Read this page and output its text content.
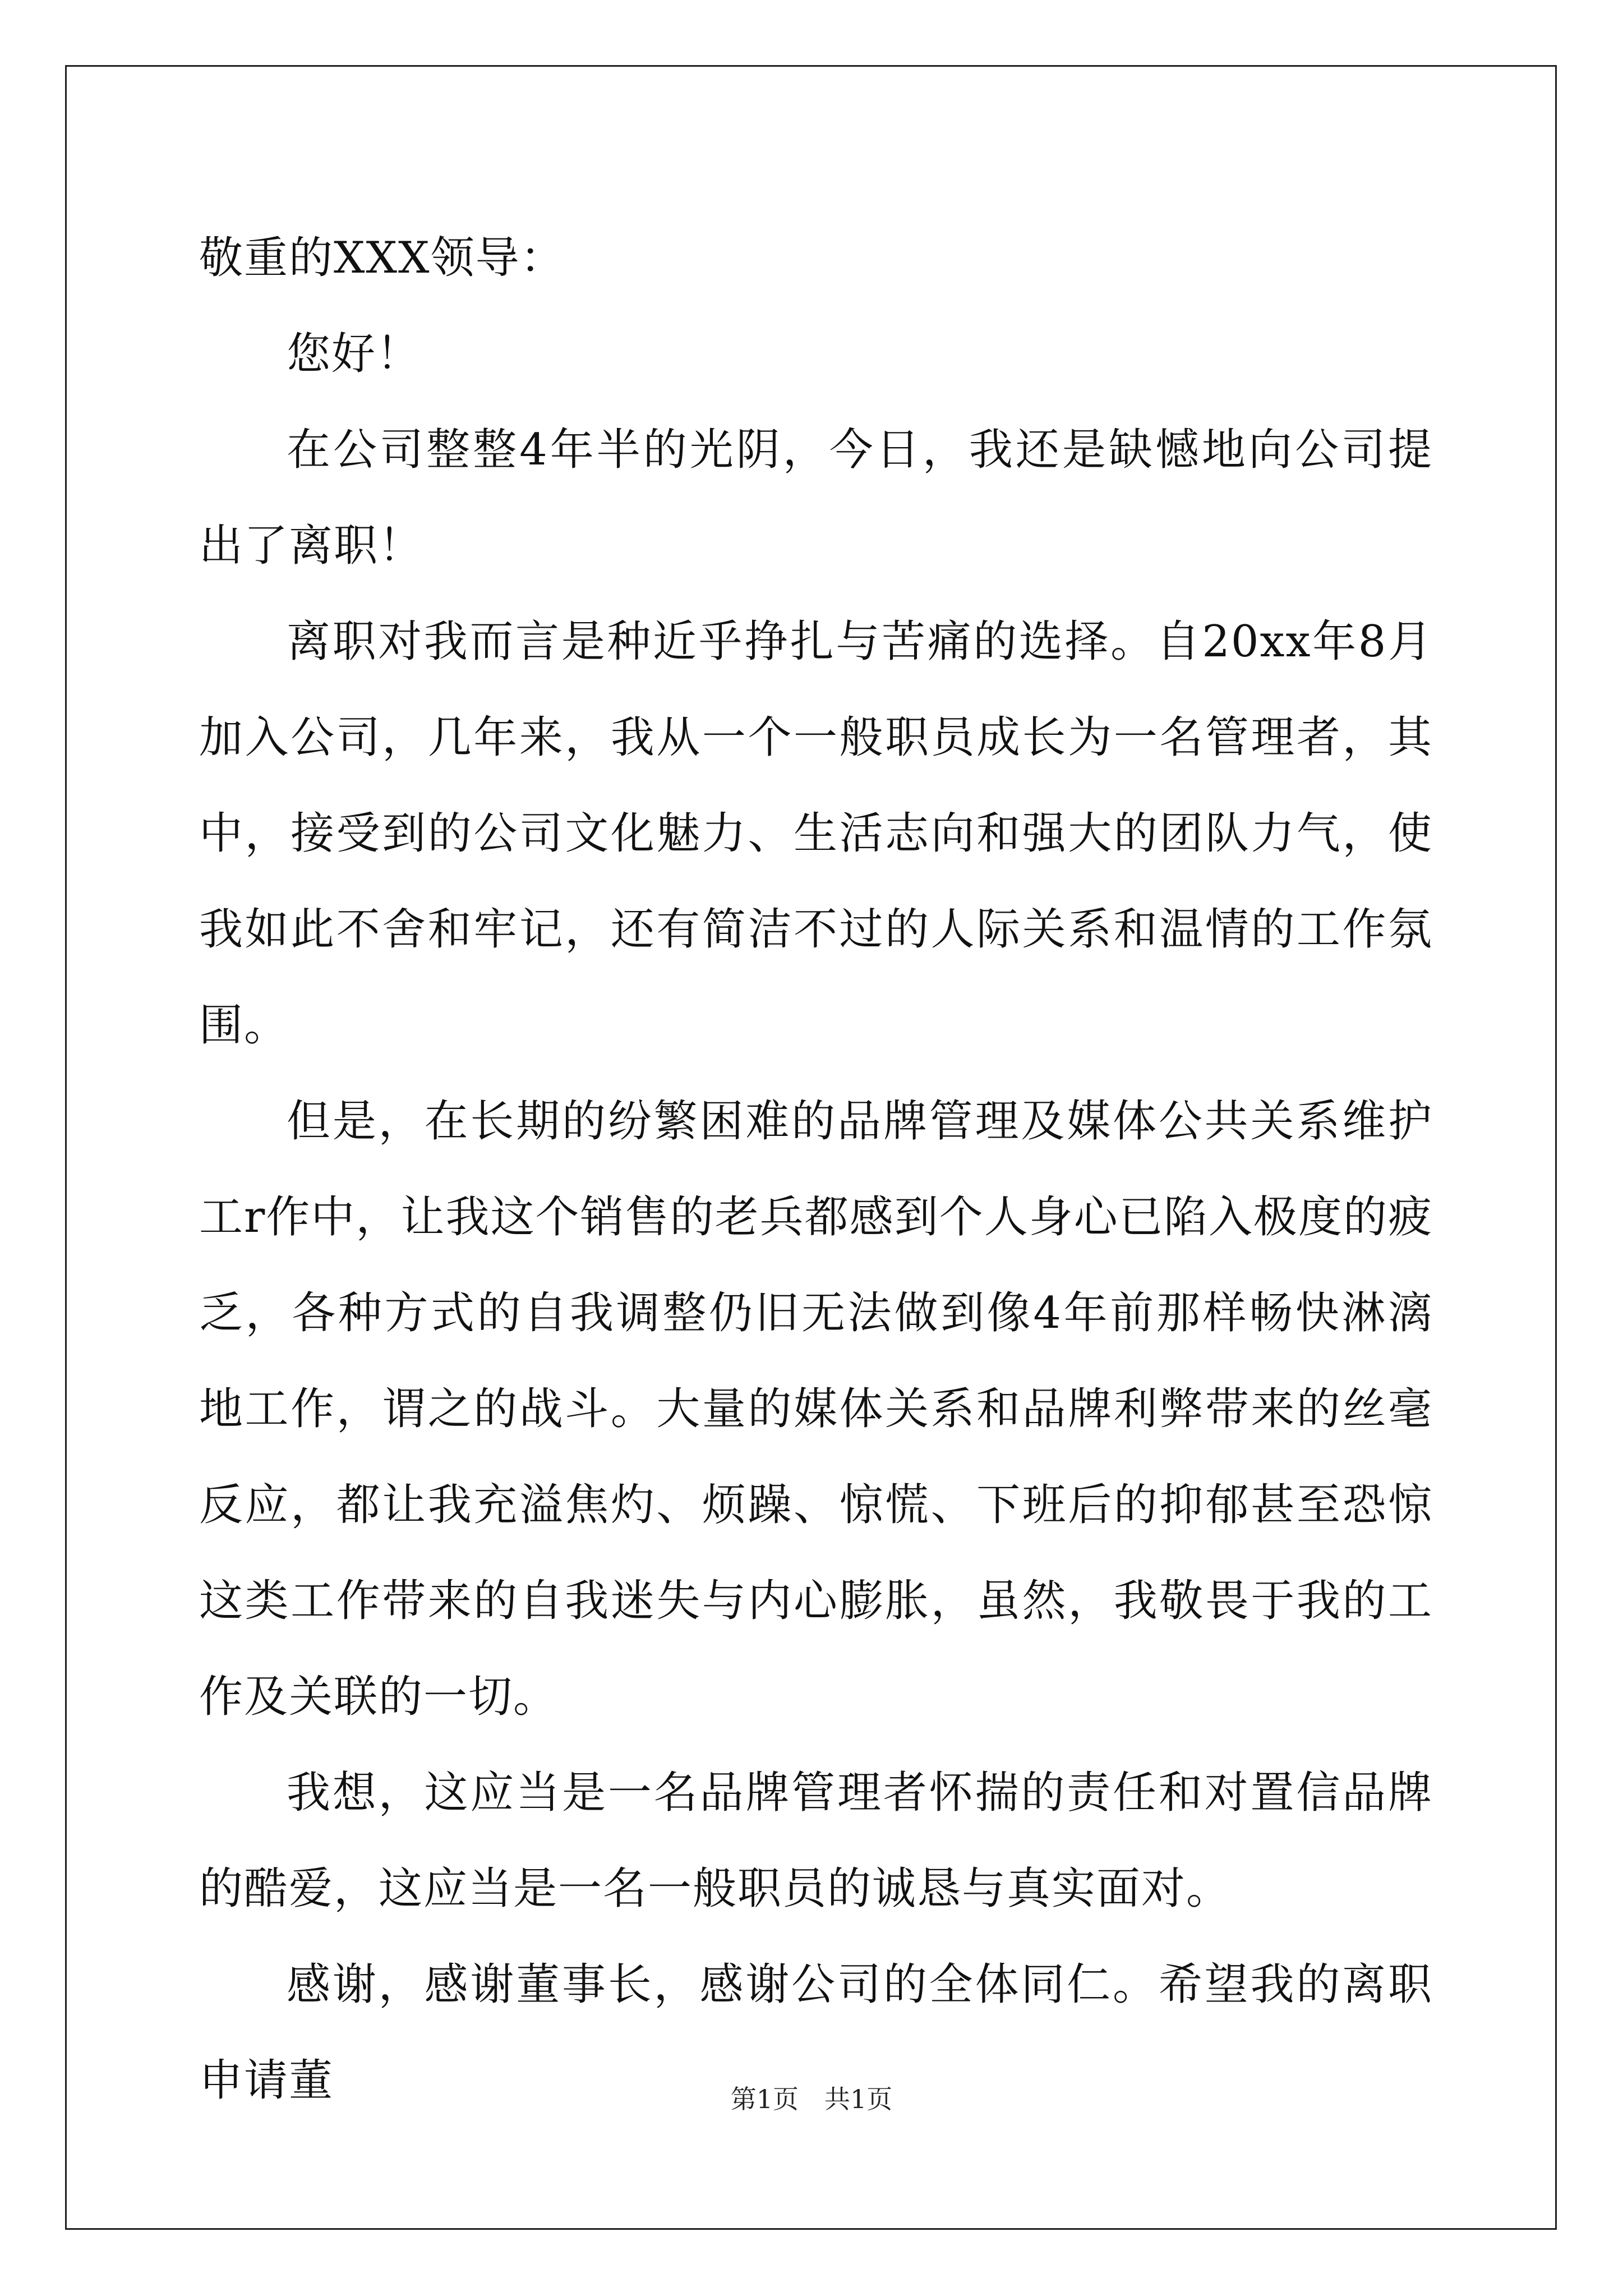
敬重的XXX领导：

您好！

在公司整整4年半的光阴，今日，我还是缺憾地向公司提出了离职！

离职对我而言是种近乎挣扎与苦痛的选择。自20xx年8月加入公司，几年来，我从一个一般职员成长为一名管理者，其中，接受到的公司文化魅力、生活志向和强大的团队力气，使我如此不舍和牢记，还有简洁不过的人际关系和温情的工作氛围。

但是，在长期的纷繁困难的品牌管理及媒体公共关系维护工r作中，让我这个销售的老兵都感到个人身心已陷入极度的疲乏，各种方式的自我调整仍旧无法做到像4年前那样畅快淋漓地工作，谓之的战斗。大量的媒体关系和品牌利弊带来的丝毫反应，都让我充溢焦灼、烦躁、惊慌、下班后的抑郁甚至恐惊这类工作带来的自我迷失与内心膨胀，虽然，我敬畏于我的工作及关联的一切。

我想，这应当是一名品牌管理者怀揣的责任和对置信品牌的酷爱，这应当是一名一般职员的诚恳与真实面对。

感谢，感谢董事长，感谢公司的全体同仁。希望我的离职申请董	第1页 共1页
